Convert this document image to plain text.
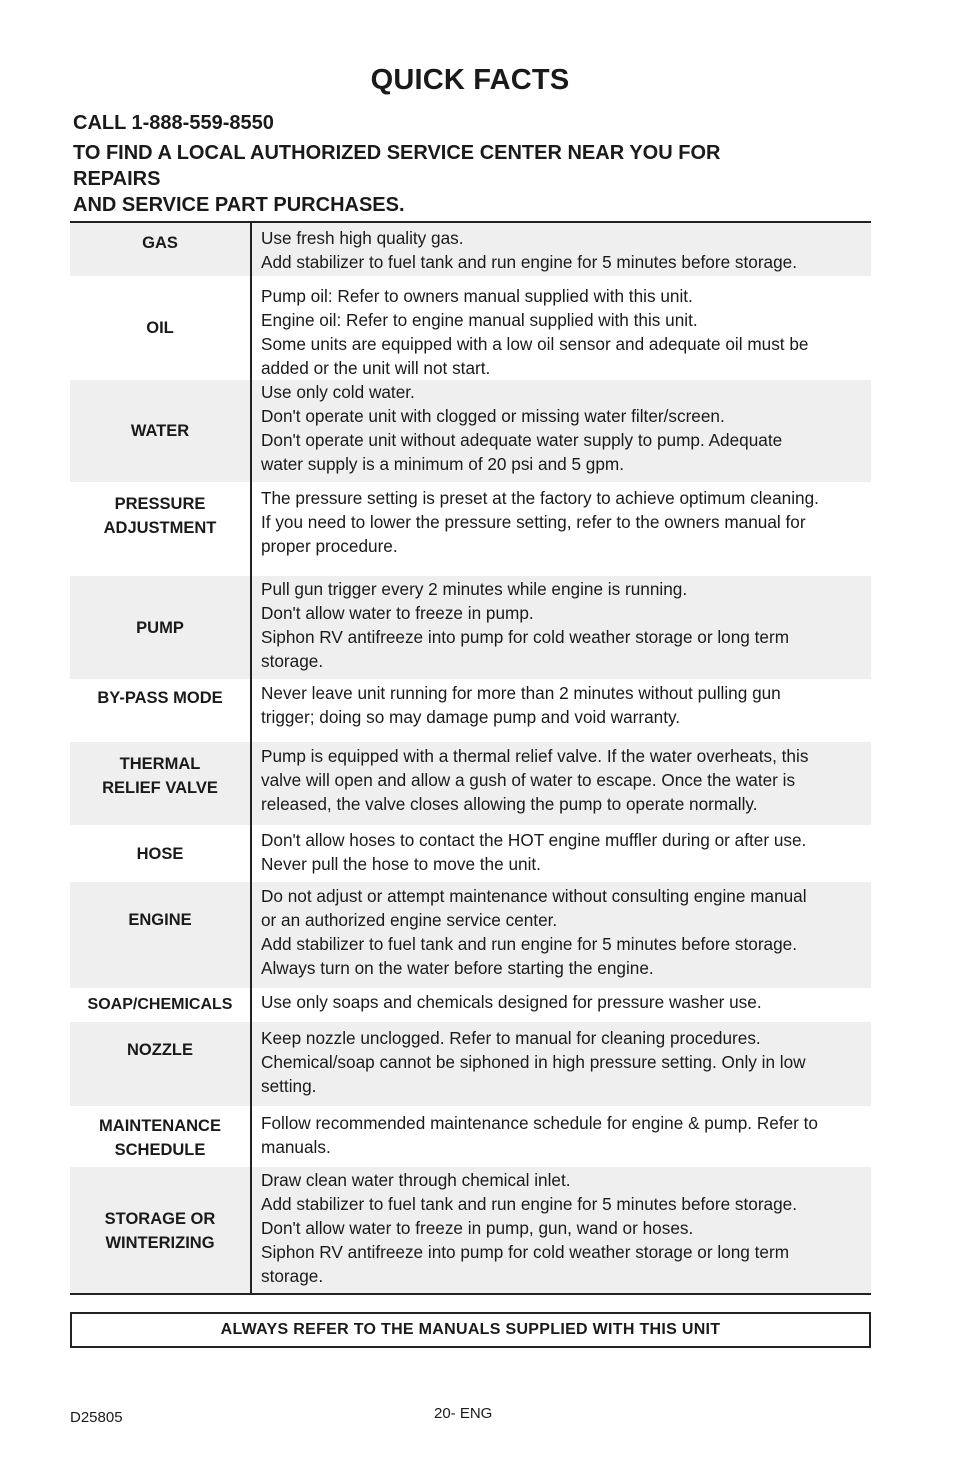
QUICK FACTS
CALL 1-888-559-8550
TO FIND A LOCAL AUTHORIZED SERVICE CENTER NEAR YOU FOR
REPAIRS
AND SERVICE PART PURCHASES.
GAS	Use fresh high quality gas.
Add stabilizer to fuel tank and run engine for 5 minutes before storage.
OIL
Pump oil: Refer to owners manual supplied with this unit.
Engine oil: Refer to engine manual supplied with this unit.
Some units are equipped with a low oil sensor and adequate oil must be
added or the unit will not start.
WATER
Use only cold water.
Don't operate unit with clogged or missing water filter/screen.
Don't operate unit without adequate water supply to pump. Adequate
water supply is a minimum of 20 psi and 5 gpm.
PRESSURE
ADJUSTMENT
The pressure setting is preset at the factory to achieve optimum cleaning.
If you need to lower the pressure setting, refer to the owners manual for
proper procedure.
PUMP
Pull gun trigger every 2 minutes while engine is running.
Don't allow water to freeze in pump.
Siphon RV antifreeze into pump for cold weather storage or long term
storage.
BY-PASS MODE Never leave unit running for more than 2 minutes without pulling gun
trigger; doing so may damage pump and void warranty.
THERMAL
RELIEF VALVE
Pump is equipped with a thermal relief valve. If the water overheats, this
valve will open and allow a gush of water to escape. Once the water is
released, the valve closes allowing the pump to operate normally.
HOSE
Don't allow hoses to contact the HOT engine muffler during or after use.
Never pull the hose to move the unit.
ENGINE
Do not adjust or attempt maintenance without consulting engine manual
or an authorized engine service center.
Add stabilizer to fuel tank and run engine for 5 minutes before storage.
Always turn on the water before starting the engine.
SOAP/CHEMICALS Use only soaps and chemicals designed for pressure washer use.
NOZZLE
Keep nozzle unclogged. Refer to manual for cleaning procedures.
Chemical/soap cannot be siphoned in high pressure setting. Only in low
setting.
MAINTENANCE
SCHEDULE
Follow recommended maintenance schedule for engine & pump. Refer to
manuals.
STORAGE OR
WINTERIZING
Draw clean water through chemical inlet.
Add stabilizer to fuel tank and run engine for 5 minutes before storage.
Don't allow water to freeze in pump, gun, wand or hoses.
Siphon RV antifreeze into pump for cold weather storage or long term
storage.
ALWAYS REFER TO THE MANUALS SUPPLIED WITH THIS UNIT
D25805	20- ENG
